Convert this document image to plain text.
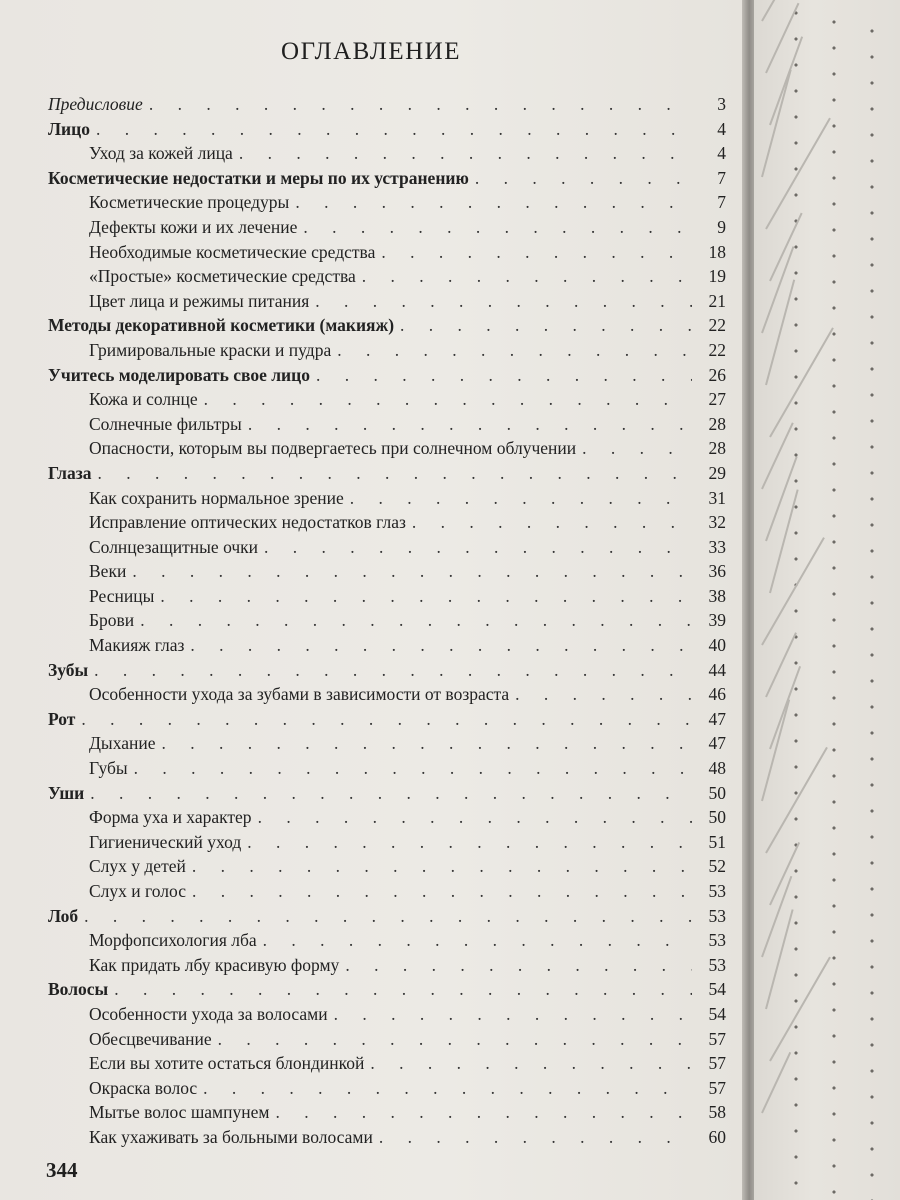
ОГЛАВЛЕНИЕ
Предисловие . . .	3
Лицо . . .	4
Уход за кожей лица . . .	4
Косметические недостатки и меры по их устранению . . .	7
Косметические процедуры . . .	7
Дефекты кожи и их лечение . . .	9
Необходимые косметические средства . . .	18
«Простые» косметические средства . . .	19
Цвет лица и режимы питания . . .	21
Методы декоративной косметики (макияж) . . .	22
Гримировальные краски и пудра . . .	22
Учитесь моделировать свое лицо . . .	26
Кожа и солнце . . .	27
Солнечные фильтры . . .	28
Опасности, которым вы подвергаетесь при солнечном облучении . . .	28
Глаза . . .	29
Как сохранить нормальное зрение . . .	31
Исправление оптических недостатков глаз . . .	32
Солнцезащитные очки . . .	33
Веки . . .	36
Ресницы . . .	38
Брови . . .	39
Макияж глаз . . .	40
Зубы . . .	44
Особенности ухода за зубами в зависимости от возраста . . .	46
Рот . . .	47
Дыхание . . .	47
Губы . . .	48
Уши . . .	50
Форма уха и характер . . .	50
Гигиенический уход . . .	51
Слух у детей . . .	52
Слух и голос . . .	53
Лоб . . .	53
Морфопсихология лба . . .	53
Как придать лбу красивую форму . . .	53
Волосы . . .	54
Особенности ухода за волосами . . .	54
Обесцвечивание . . .	57
Если вы хотите остаться блондинкой . . .	57
Окраска волос . . .	57
Мытье волос шампунем . . .	58
Как ухаживать за больными волосами . . .	60
344
